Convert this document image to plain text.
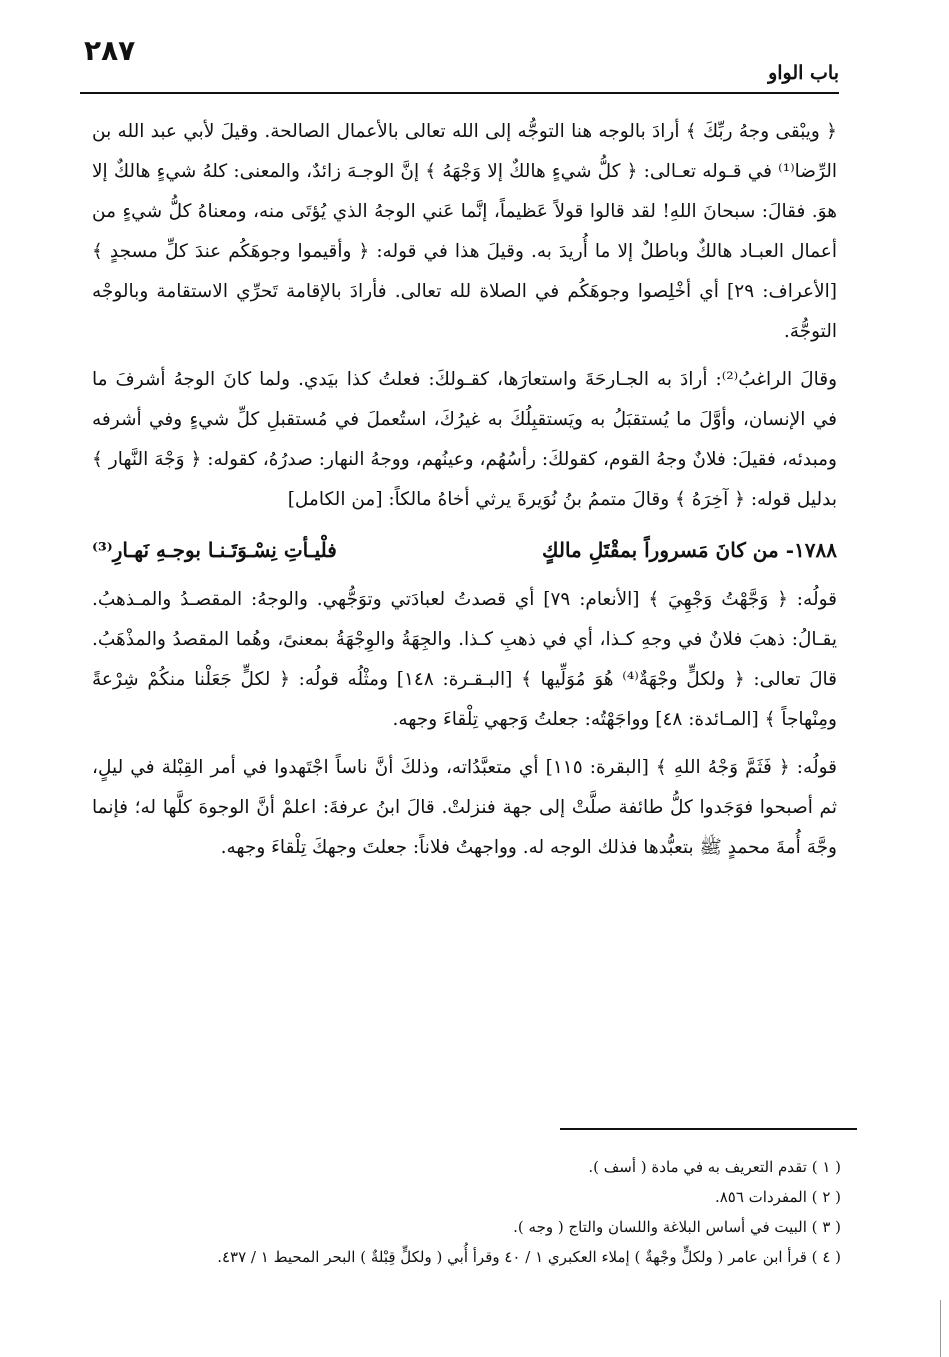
٢٨٧
باب الواو

﴿ ويبْقى وجهُ ربِّكَ ﴾ أرادَ بالوجه هنا التوجُّه إلى الله تعالى بالأعمال الصالحة. وقيلَ لأبي عبد الله بن الرِّضا⁽¹⁾ في قـوله تعـالى: ﴿ كلُّ شيءٍ هالكٌ إلا وَجْهَهُ ﴾ إنَّ الوجـهَ زائدٌ، والمعنى: كلهُ شيءٍ هالكٌ إلا هوَ. فقالَ: سبحانَ اللهِ! لقد قالوا قولاً عَظيماً، إنَّما عَني الوجهُ الذي يُؤتَى منه، ومعناهُ كلُّ شيءٍ من أعمال العبـاد هالكٌ وباطلٌ إلا ما أُريدَ به. وقيلَ هذا في قوله: ﴿ وأقيموا وجوهَكُم عندَ كلِّ مسجدٍ ﴾ [الأعراف: ٢٩] أي أخْلِصوا وجوهَكُم في الصلاة لله تعالى. فأرادَ بالإقامة تَحرِّي الاستقامة وبالوجْه التوجُّهَ.

وقالَ الراغبُ⁽²⁾: أرادَ به الجـارحَةَ واستعارَها، كقـولكَ: فعلتُ كذا بيَدي. ولما كانَ الوجهُ أشرفَ ما في الإنسان، وأوَّلَ ما يُستقبَلُ به ويَستقبِلُكَ به غيرُكَ، استُعملَ في مُستقبلِ كلِّ شيءٍ وفي أشرفه ومبدئه، فقيلَ: فلانٌ وجهُ القوم، كقولكَ: رأسُهُم، وعينُهم، ووجهُ النهار: صدرُهُ، كقوله: ﴿ وَجْهَ النَّهار ﴾ بدليل قوله: ﴿ آخِرَهُ ﴾ وقالَ متممُ بنُ نُوَيرةَ يرثي أخاهُ مالكاً: [من الكامل]

١٧٨٨- من كانَ مَسروراً بمقْتَلِ مالكٍ
فلْيـأتِ نِسْـوَتَـنـا بوجـهِ نَهـارِ⁽³⁾

قولُه: ﴿ وَجَّهْتُ وَجْهِيَ ﴾ [الأنعام: ٧٩] أي قصدتُ لعبادَتي وتوَجُّهي. والوجهُ: المقصـدُ والمـذهبُ. يقـالُ: ذهبَ فلانٌ في وجهِ كـذا، أي في ذهبِ كـذا. والجِهَةُ والوِجْهَةُ بمعنىً، وهُما المقصدُ والمذْهَبُ. قالَ تعالى: ﴿ ولكلٍّ وجْهَةٌ⁽⁴⁾ هُوَ مُوَلِّيها ﴾ [البـقـرة: ١٤٨] ومثْلُه قولُه: ﴿ لكلٍّ جَعَلْنا منكُمْ شِرْعةً ومِنْهاجاً ﴾ [المـائدة: ٤٨] وواجَهْتُه: جعلتُ وَجهي تِلْقاءَ وجهه.

قولُه: ﴿ فَثَمَّ وَجْهُ اللهِ ﴾ [البقرة: ١١٥] أي متعبَّدُاته، وذلكَ أنَّ ناساً اجْتَهدوا في أمر القِبْلة في ليلٍ، ثم أصبحوا فوَجَدوا كلُّ طائفة صلَّتْ إلى جهة فنزلتْ. قالَ ابنُ عرفةَ: اعلمْ أنَّ الوجوهَ كلَّها له؛ فإنما وجَّهَ أُمةَ محمدٍ ﷺ بتعبُّدها فذلك الوجه له. وواجهتُ فلاناً: جعلتَ وجهكَ تِلْقاءَ وجهه.

( ١ ) تقدم التعريف به في مادة ( أسف ).
( ٢ ) المفردات ٨٥٦.
( ٣ ) البيت في أساس البلاغة واللسان والتاج ( وجه ).
( ٤ ) قرأ ابن عامر ( ولكلٍّ وجْهةٌ ) إملاء العكبري ١ / ٤٠ وقرأ أُبي ( ولكلٍّ قِبْلةٌ ) البحر المحيط ١ / ٤٣٧.
